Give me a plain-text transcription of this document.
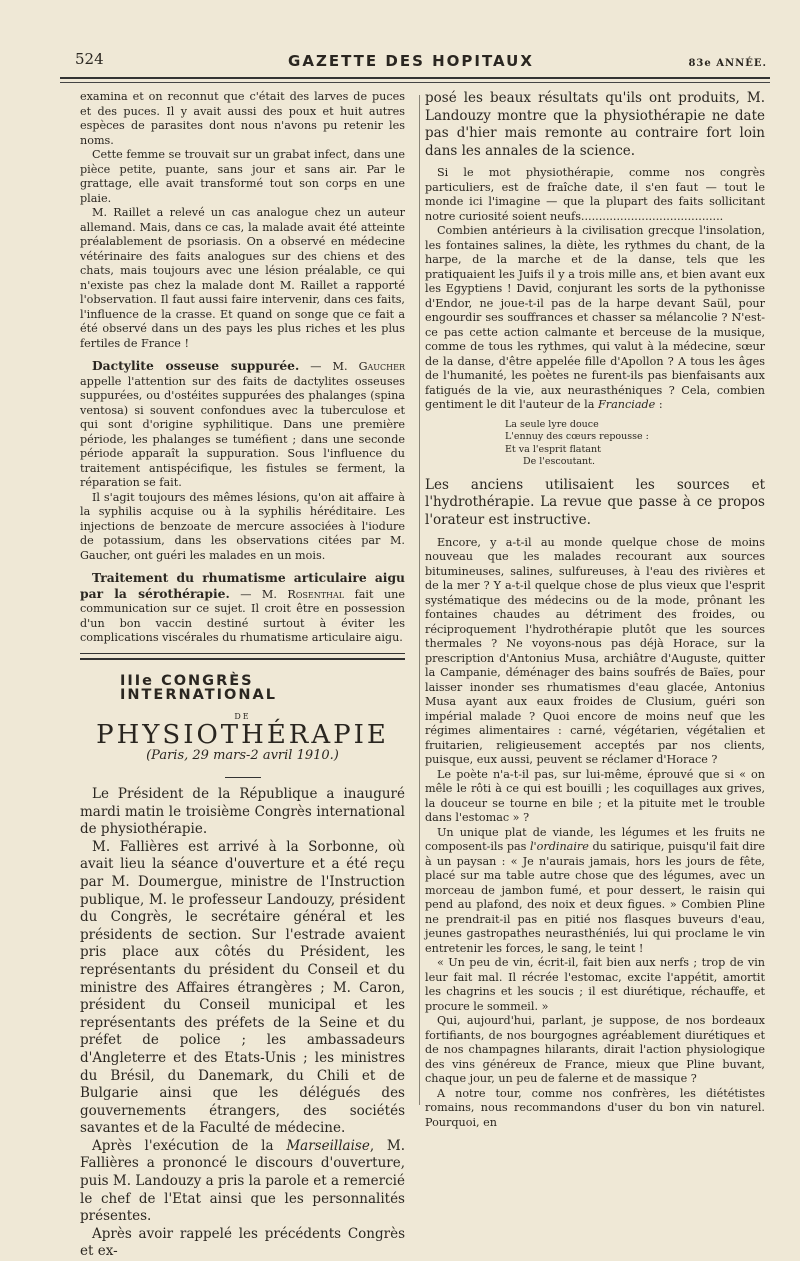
524	GAZETTE DES HOPITAUX	83e ANNÉE.

examina et on reconnut que c'était des larves de puces et des puces. Il y avait aussi des poux et huit autres espèces de parasites dont nous n'avons pu retenir les noms.

Cette femme se trouvait sur un grabat infect, dans une pièce petite, puante, sans jour et sans air. Par le grattage, elle avait transformé tout son corps en une plaie.

M. Raillet a relevé un cas analogue chez un auteur allemand. Mais, dans ce cas, la malade avait été atteinte préalablement de psoriasis. On a observé en médecine vétérinaire des faits analogues sur des chiens et des chats, mais toujours avec une lésion préalable, ce qui n'existe pas chez la malade dont M. Raillet a rapporté l'observation. Il faut aussi faire intervenir, dans ces faits, l'influence de la crasse. Et quand on songe que ce fait a été observé dans un des pays les plus riches et les plus fertiles de France !

Dactylite osseuse suppurée. — M. Gaucher appelle l'attention sur des faits de dactylites osseuses suppurées, ou d'ostéites suppurées des phalanges (spina ventosa) si souvent confondues avec la tuberculose et qui sont d'origine syphilitique. Dans une première période, les phalanges se tuméfient ; dans une seconde période apparaît la suppuration. Sous l'influence du traitement antispécifique, les fistules se ferment, la réparation se fait.

Il s'agit toujours des mêmes lésions, qu'on ait affaire à la syphilis acquise ou à la syphilis héréditaire. Les injections de benzoate de mercure associées à l'iodure de potassium, dans les observations citées par M. Gaucher, ont guéri les malades en un mois.

Traitement du rhumatisme articulaire aigu par la sérothérapie. — M. Rosenthal fait une communication sur ce sujet. Il croit être en possession d'un bon vaccin destiné surtout à éviter les complications viscérales du rhumatisme articulaire aigu.

IIIe CONGRÈS INTERNATIONAL
DE
PHYSIOTHÉRAPIE
(Paris, 29 mars-2 avril 1910.)

Le Président de la République a inauguré mardi matin le troisième Congrès international de physiothérapie.

M. Fallières est arrivé à la Sorbonne, où avait lieu la séance d'ouverture et a été reçu par M. Doumergue, ministre de l'Instruction publique, M. le professeur Landouzy, président du Congrès, le secrétaire général et les présidents de section. Sur l'estrade avaient pris place aux côtés du Président, les représentants du président du Conseil et du ministre des Affaires étrangères ; M. Caron, président du Conseil municipal et les représentants des préfets de la Seine et du préfet de police ; les ambassadeurs d'Angleterre et des Etats-Unis ; les ministres du Brésil, du Danemark, du Chili et de Bulgarie ainsi que les délégués des gouvernements étrangers, des sociétés savantes et de la Faculté de médecine.

Après l'exécution de la Marseillaise, M. Fallières a prononcé le discours d'ouverture, puis M. Landouzy a pris la parole et a remercié le chef de l'Etat ainsi que les personnalités présentes.

Après avoir rappelé les précédents Congrès et ex-

posé les beaux résultats qu'ils ont produits, M. Landouzy montre que la physiothérapie ne date pas d'hier mais remonte au contraire fort loin dans les annales de la science.

Si le mot physiothérapie, comme nos congrès particuliers, est de fraîche date, il s'en faut — tout le monde ici l'imagine — que la plupart des faits sollicitant notre curiosité soient neufs........................................

Combien antérieurs à la civilisation grecque l'insolation, les fontaines salines, la diète, les rythmes du chant, de la harpe, de la marche et de la danse, tels que les pratiquaient les Juifs il y a trois mille ans, et bien avant eux les Egyptiens ! David, conjurant les sorts de la pythonisse d'Endor, ne joue-t-il pas de la harpe devant Saül, pour engourdir ses souffrances et chasser sa mélancolie ? N'est-ce pas cette action calmante et berceuse de la musique, comme de tous les rythmes, qui valut à la médecine, sœur de la danse, d'être appelée fille d'Apollon ? A tous les âges de l'humanité, les poètes ne furent-ils pas bienfaisants aux fatigués de la vie, aux neurasthéniques ? Cela, combien gentiment le dit l'auteur de la Franciade :

La seule lyre douce
L'ennuy des cœurs repousse :
Et va l'esprit flatant
De l'escoutant.

Les anciens utilisaient les sources et l'hydrothérapie. La revue que passe à ce propos l'orateur est instructive.

Encore, y a-t-il au monde quelque chose de moins nouveau que les malades recourant aux sources bitumineuses, salines, sulfureuses, à l'eau des rivières et de la mer ? Y a-t-il quelque chose de plus vieux que l'esprit systématique des médecins ou de la mode, prônant les fontaines chaudes au détriment des froides, ou réciproquement l'hydrothérapie plutôt que les sources thermales ? Ne voyons-nous pas déjà Horace, sur la prescription d'Antonius Musa, archiâtre d'Auguste, quitter la Campanie, déménager des bains soufrés de Baïes, pour laisser inonder ses rhumatismes d'eau glacée, Antonius Musa ayant aux eaux froides de Clusium, guéri son impérial malade ? Quoi encore de moins neuf que les régimes alimentaires : carné, végétarien, végétalien et fruitarien, religieusement acceptés par nos clients, puisque, eux aussi, peuvent se réclamer d'Horace ?

Le poète n'a-t-il pas, sur lui-même, éprouvé que si « on mêle le rôti à ce qui est bouilli ; les coquillages aux grives, la douceur se tourne en bile ; et la pituite met le trouble dans l'estomac » ?

Un unique plat de viande, les légumes et les fruits ne composent-ils pas l'ordinaire du satirique, puisqu'il fait dire à un paysan : « Je n'aurais jamais, hors les jours de fête, placé sur ma table autre chose que des légumes, avec un morceau de jambon fumé, et pour dessert, le raisin qui pend au plafond, des noix et deux figues. » Combien Pline ne prendrait-il pas en pitié nos flasques buveurs d'eau, jeunes gastropathes neurasthéniés, lui qui proclame le vin entretenir les forces, le sang, le teint !

« Un peu de vin, écrit-il, fait bien aux nerfs ; trop de vin leur fait mal. Il récrée l'estomac, excite l'appétit, amortit les chagrins et les soucis ; il est diurétique, réchauffe, et procure le sommeil. »

Qui, aujourd'hui, parlant, je suppose, de nos bordeaux fortifiants, de nos bourgognes agréablement diurétiques et de nos champagnes hilarants, dirait l'action physiologique des vins généreux de France, mieux que Pline buvant, chaque jour, un peu de falerne et de massique ?

A notre tour, comme nos confrères, les diététistes romains, nous recommandons d'user du bon vin naturel. Pourquoi, en
